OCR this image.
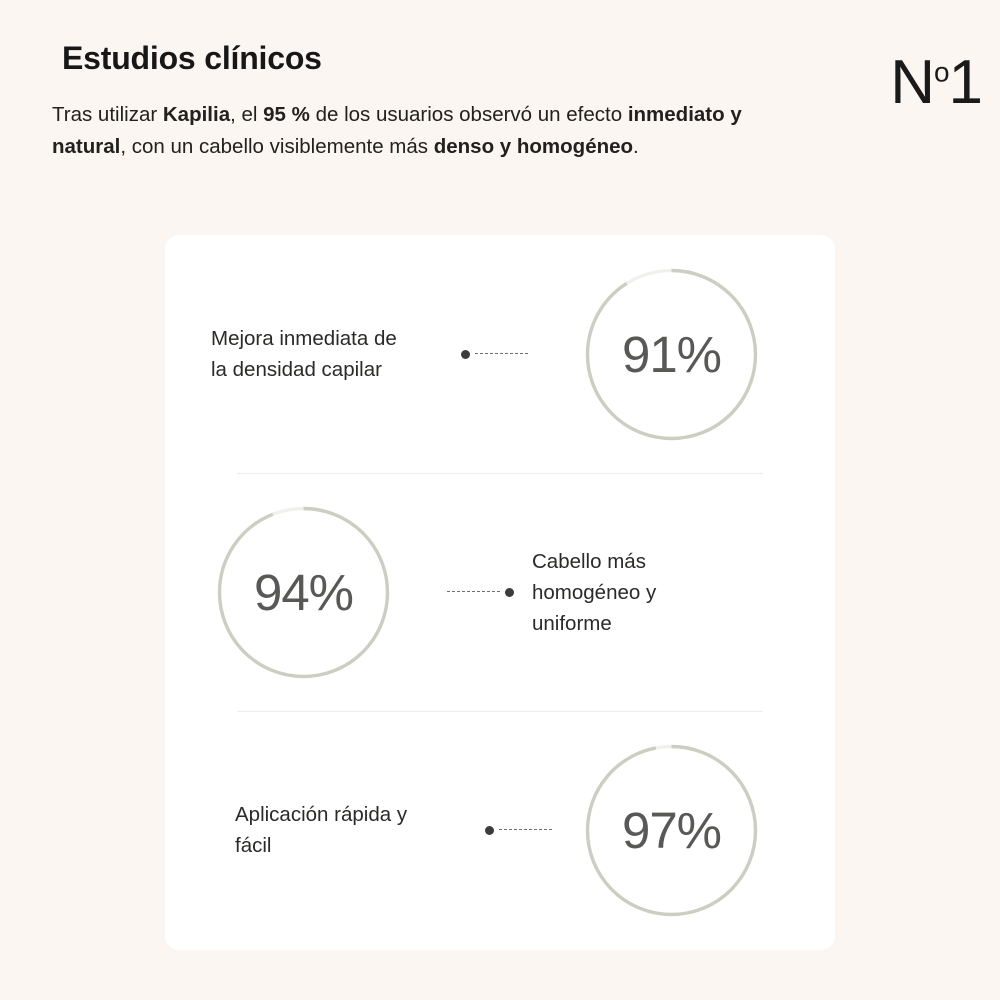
Estudios clínicos

Tras utilizar Kapilia, el 95 % de los usuarios observó un efecto inmediato y natural, con un cabello visiblemente más denso y homogéneo.

$N^o1$
Mejora inmediata de
la densidad capilar	91%
94%
Cabello más
homogéneo y
uniforme
Aplicación rápida y
fácil	97%
